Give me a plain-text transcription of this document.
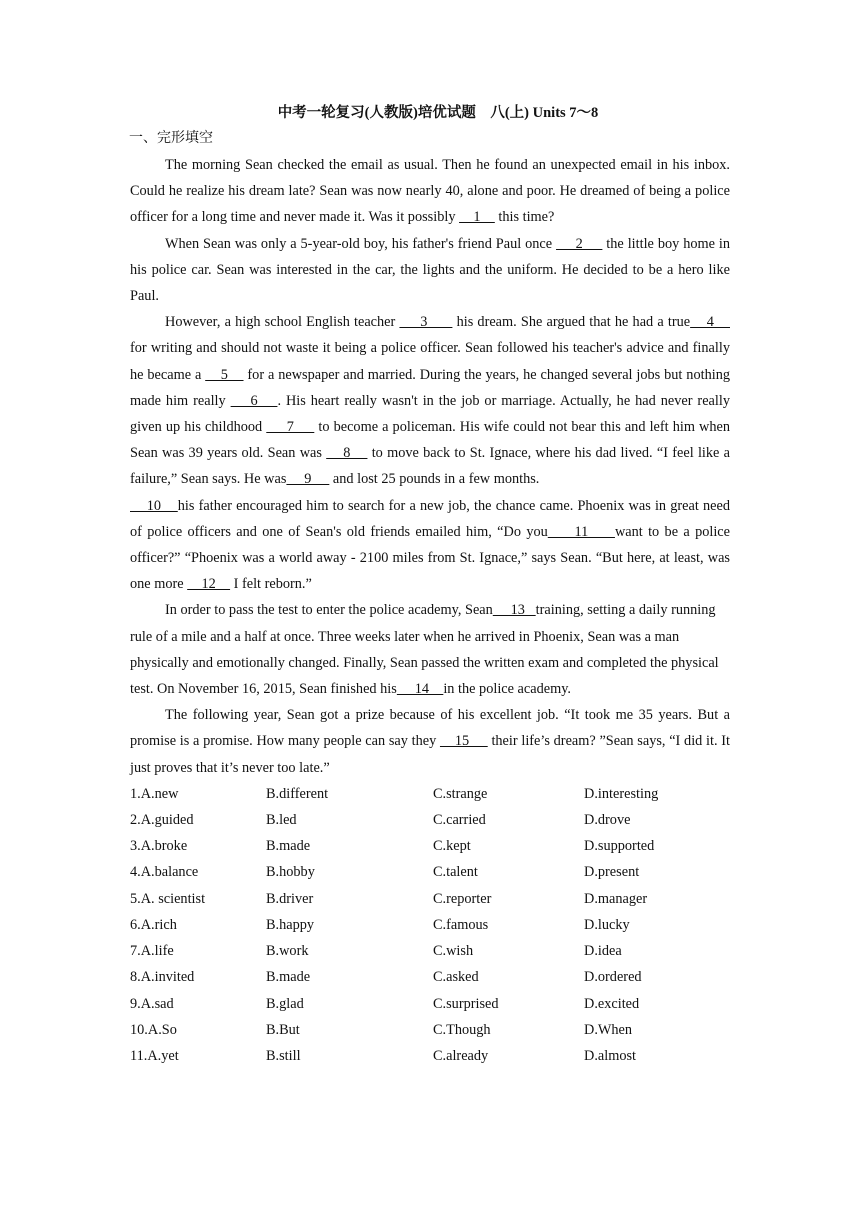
中考一轮复习(人教版)培优试题　八(上) Units 7～8
一、完形填空

The morning Sean checked the email as usual. Then he found an unexpected email in his inbox. Could he realize his dream late? Sean was now nearly 40, alone and poor. He dreamed of being a police officer for a long time and never made it. Was it possibly     1     this time?

When Sean was only a 5-year-old boy, his father's friend Paul once      2      the little boy home in his police car. Sean was interested in the car, the lights and the uniform. He decided to be a hero like Paul.

However, a high school English teacher      3       his dream. She argued that he had a true    4     for writing and should not waste it being a police officer. Sean followed his teacher's advice and finally he became a     5     for a newspaper and married. During the years, he changed several jobs but nothing made him really     6    . His heart really wasn't in the job or marriage. Actually, he had never really given up his childhood      7      to become a policeman. His wife could not bear this and left him when Sean was 39 years old. Sean was     8     to move back to St. Ignace, where his dad lived. “I feel like a failure,” Sean says. He was     9      and lost 25 pounds in a few months.

10    his father encouraged him to search for a new job, the chance came. Phoenix was in great need of police officers and one of Sean's old friends emailed him, “Do you     11     want to be a police officer?” “Phoenix was a world away - 2100 miles from St. Ignace,” says Sean. “But here, at least, was one more     12     I felt reborn.”

In order to pass the test to enter the police academy, Sean     13   training, setting a daily running rule of a mile and a half at once. Three weeks later when he arrived in Phoenix, Sean was a man physically and emotionally changed. Finally, Sean passed the written exam and completed the physical test. On November 16, 2015, Sean finished his     14    in the police academy.

The following year, Sean got a prize because of his excellent job. “It took me 35 years. But a promise is a promise. How many people can say they     15      their life’s dream? ”Sean says, “I did it. It just proves that it’s never too late.”

1.A.new	B.different	C.strange	D.interesting
2.A.guided	B.led	C.carried	D.drove
3.A.broke	B.made	C.kept	D.supported
4.A.balance	B.hobby	C.talent	D.present
5.A. scientist	B.driver	C.reporter	D.manager
6.A.rich	B.happy	C.famous	D.lucky
7.A.life	B.work	C.wish	D.idea
8.A.invited	B.made	C.asked	D.ordered
9.A.sad	B.glad	C.surprised	D.excited
10.A.So	B.But	C.Though	D.When
11.A.yet	B.still	C.already	D.almost
